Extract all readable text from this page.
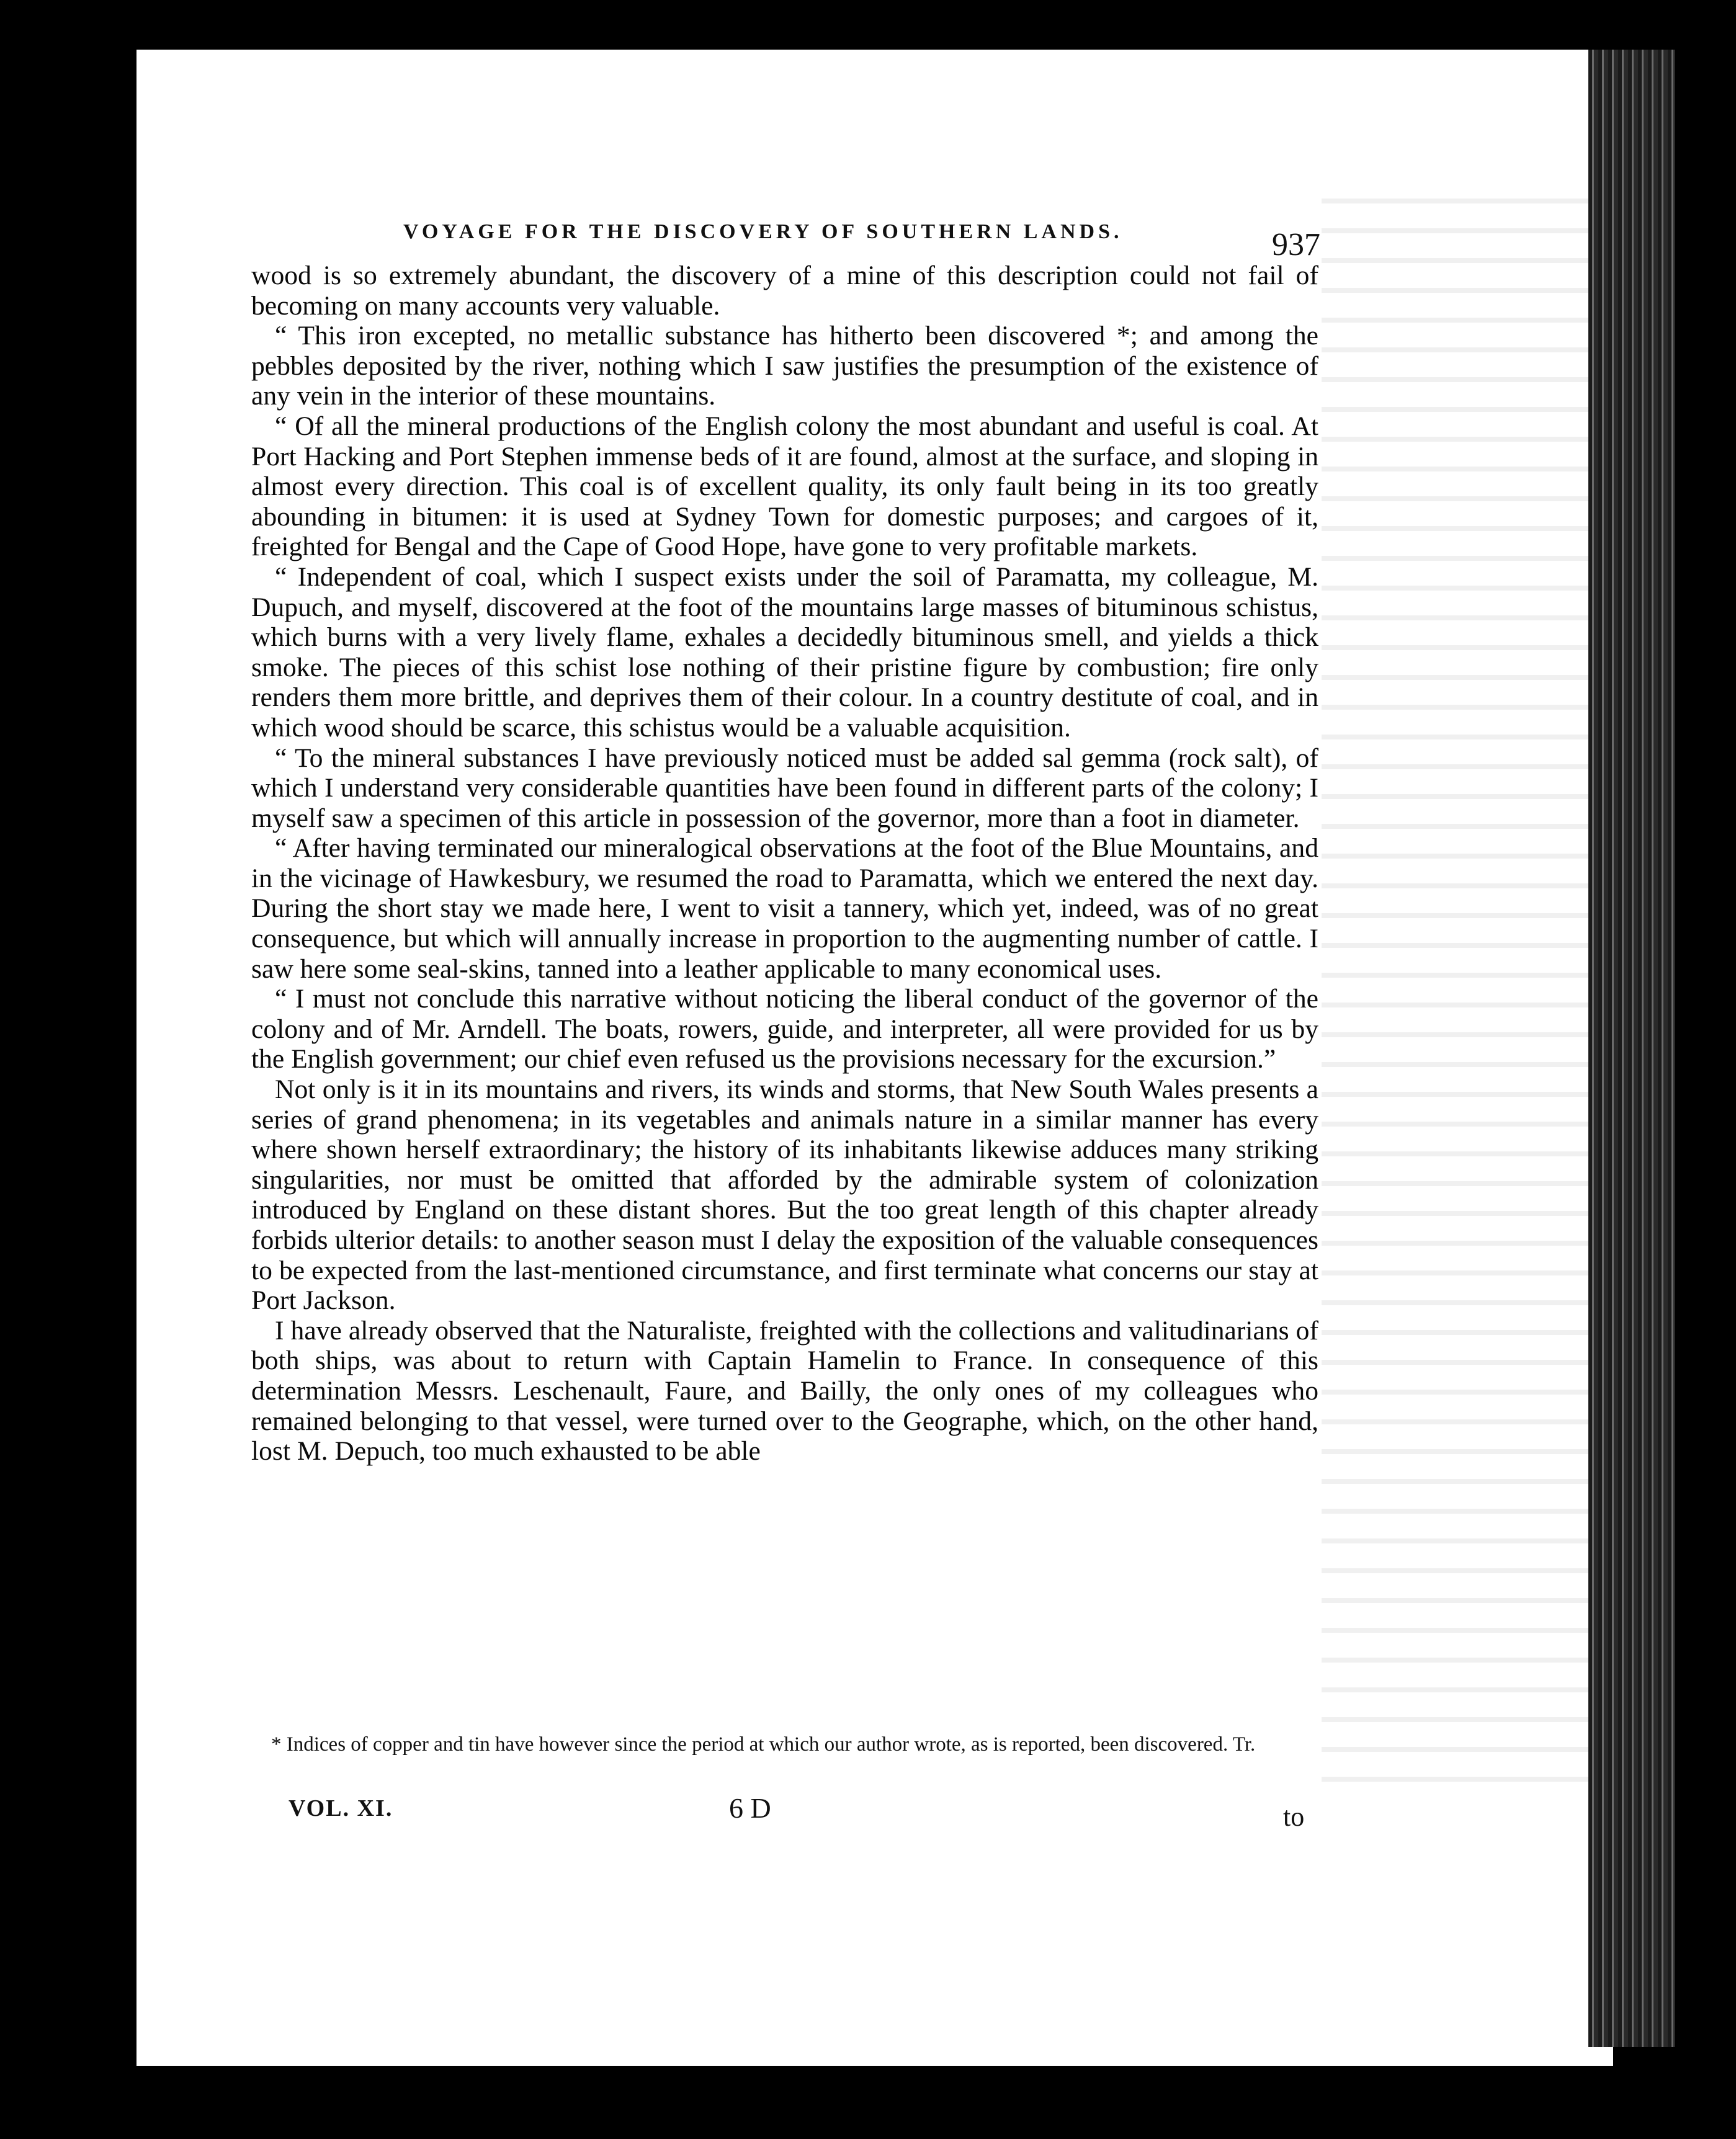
VOYAGE FOR THE DISCOVERY OF SOUTHERN LANDS.	937

wood is so extremely abundant, the discovery of a mine of this description could not fail of becoming on many accounts very valuable.

“ This iron excepted, no metallic substance has hitherto been discovered *; and among the pebbles deposited by the river, nothing which I saw justifies the presumption of the existence of any vein in the interior of these mountains.

“ Of all the mineral productions of the English colony the most abundant and useful is coal. At Port Hacking and Port Stephen immense beds of it are found, almost at the surface, and sloping in almost every direction. This coal is of excellent quality, its only fault being in its too greatly abounding in bitumen: it is used at Sydney Town for domestic purposes; and cargoes of it, freighted for Bengal and the Cape of Good Hope, have gone to very profitable markets.

“ Independent of coal, which I suspect exists under the soil of Paramatta, my colleague, M. Dupuch, and myself, discovered at the foot of the mountains large masses of bituminous schistus, which burns with a very lively flame, exhales a decidedly bituminous smell, and yields a thick smoke. The pieces of this schist lose nothing of their pristine figure by combustion; fire only renders them more brittle, and deprives them of their colour. In a country destitute of coal, and in which wood should be scarce, this schistus would be a valuable acquisition.

“ To the mineral substances I have previously noticed must be added sal gemma (rock salt), of which I understand very considerable quantities have been found in different parts of the colony; I myself saw a specimen of this article in possession of the governor, more than a foot in diameter.

“ After having terminated our mineralogical observations at the foot of the Blue Mountains, and in the vicinage of Hawkesbury, we resumed the road to Paramatta, which we entered the next day. During the short stay we made here, I went to visit a tannery, which yet, indeed, was of no great consequence, but which will annually increase in proportion to the augmenting number of cattle. I saw here some seal-skins, tanned into a leather applicable to many economical uses.

“ I must not conclude this narrative without noticing the liberal conduct of the governor of the colony and of Mr. Arndell. The boats, rowers, guide, and interpreter, all were provided for us by the English government; our chief even refused us the provisions necessary for the excursion.”

Not only is it in its mountains and rivers, its winds and storms, that New South Wales presents a series of grand phenomena; in its vegetables and animals nature in a similar manner has every where shown herself extraordinary; the history of its inhabitants likewise adduces many striking singularities, nor must be omitted that afforded by the admirable system of colonization introduced by England on these distant shores. But the too great length of this chapter already forbids ulterior details: to another season must I delay the exposition of the valuable consequences to be expected from the last-mentioned circumstance, and first terminate what concerns our stay at Port Jackson.

I have already observed that the Naturaliste, freighted with the collections and valitudinarians of both ships, was about to return with Captain Hamelin to France. In consequence of this determination Messrs. Leschenault, Faure, and Bailly, the only ones of my colleagues who remained belonging to that vessel, were turned over to the Geographe, which, on the other hand, lost M. Depuch, too much exhausted to be able

* Indices of copper and tin have however since the period at which our author wrote, as is reported, been discovered. Tr.
VOL. XI.	6 D	to
